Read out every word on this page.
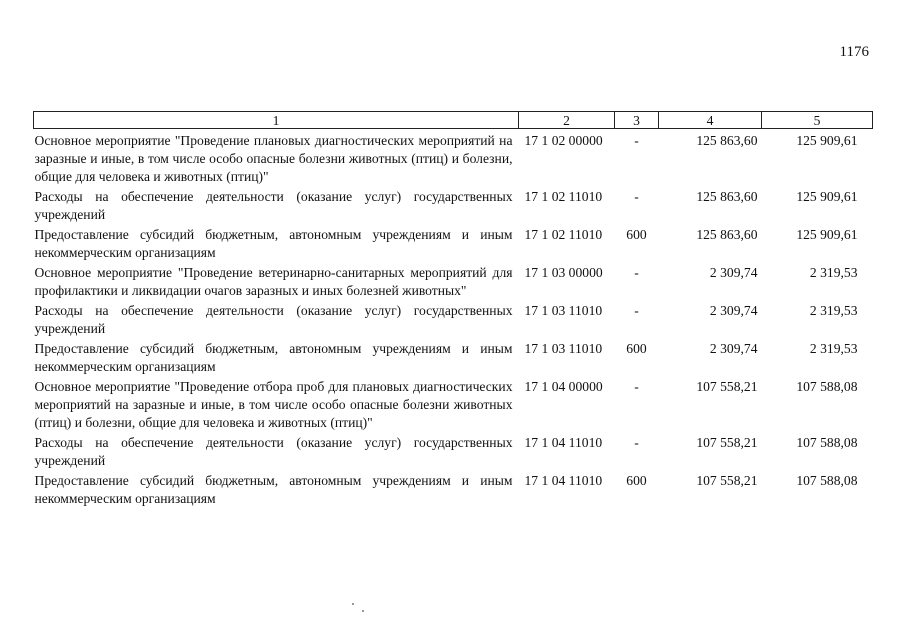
1176
1	2	3	4	5
Основное мероприятие "Проведение плановых диагностических мероприятий на заразные и иные, в том числе особо опасные болезни животных (птиц) и болезни, общие для человека и животных (птиц)"	17 1 02 00000	-	125 863,60	125 909,61
Расходы на обеспечение деятельности (оказание услуг) государственных учреждений	17 1 02 11010	-	125 863,60	125 909,61
Предоставление субсидий бюджетным, автономным учреждениям и иным некоммерческим организациям	17 1 02 11010	600	125 863,60	125 909,61
Основное мероприятие "Проведение ветеринарно-санитарных мероприятий для профилактики и ликвидации очагов заразных и иных болезней животных"	17 1 03 00000	-	2 309,74	2 319,53
Расходы на обеспечение деятельности (оказание услуг) государственных учреждений	17 1 03 11010	-	2 309,74	2 319,53
Предоставление субсидий бюджетным, автономным учреждениям и иным некоммерческим организациям	17 1 03 11010	600	2 309,74	2 319,53
Основное мероприятие "Проведение отбора проб для плановых диагностических мероприятий на заразные и иные, в том числе особо опасные болезни животных (птиц) и болезни, общие для человека и животных (птиц)"	17 1 04 00000	-	107 558,21	107 588,08
Расходы на обеспечение деятельности (оказание услуг) государственных учреждений	17 1 04 11010	-	107 558,21	107 588,08
Предоставление субсидий бюджетным, автономным учреждениям и иным некоммерческим организациям	17 1 04 11010	600	107 558,21	107 588,08
